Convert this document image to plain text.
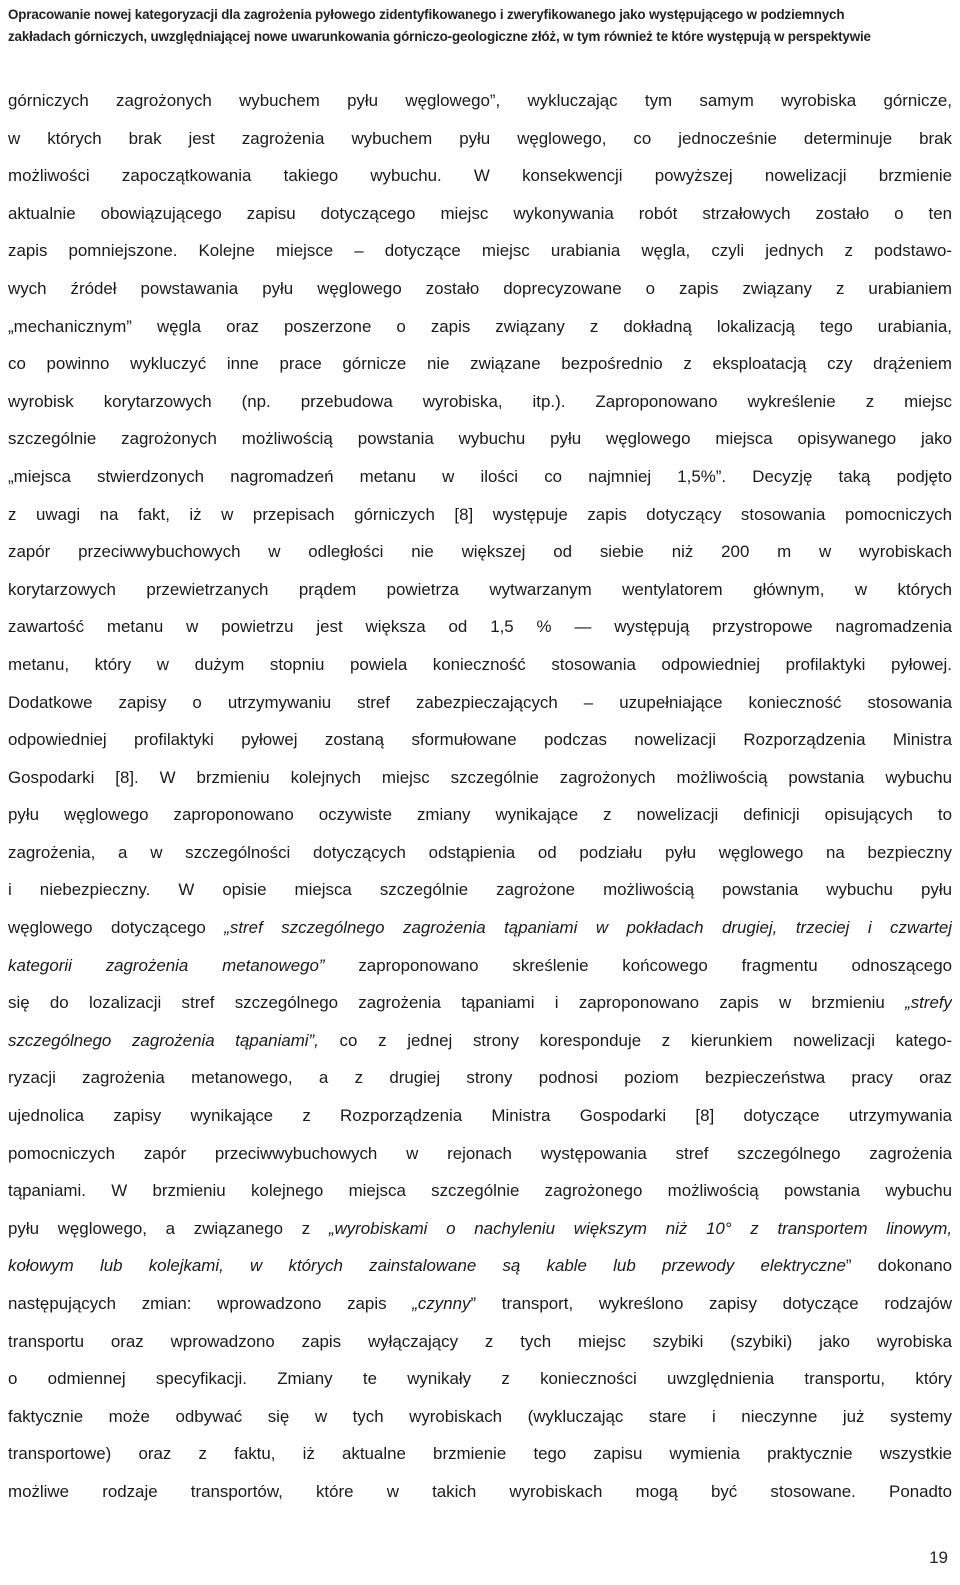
Opracowanie nowej kategoryzacji dla zagrożenia pyłowego zidentyfikowanego i zweryfikowanego jako występującego w podziemnych
zakładach górniczych, uwzględniającej nowe uwarunkowania górniczo-geologiczne złóż, w tym również te które występują w perspektywie
górniczych zagrożonych wybuchem pyłu węglowego”, wykluczając tym samym wyrobiska górnicze,
w których brak jest zagrożenia wybuchem pyłu węglowego, co jednocześnie determinuje brak
możliwości zapoczątkowania takiego wybuchu. W konsekwencji powyższej nowelizacji brzmienie
aktualnie obowiązującego zapisu dotyczącego miejsc wykonywania robót strzałowych zostało o ten
zapis pomniejszone. Kolejne miejsce – dotyczące miejsc urabiania węgla, czyli jednych z podstawo-
wych źródeł powstawania pyłu węglowego zostało doprecyzowane o zapis związany z urabianiem
„mechanicznym” węgla oraz poszerzone o zapis związany z dokładną lokalizacją tego urabiania,
co powinno wykluczyć inne prace górnicze nie związane bezpośrednio z eksploatacją czy drążeniem
wyrobisk korytarzowych (np. przebudowa wyrobiska, itp.). Zaproponowano wykreślenie z miejsc
szczególnie zagrożonych możliwością powstania wybuchu pyłu węglowego miejsca opisywanego jako
„miejsca stwierdzonych nagromadzeń metanu w ilości co najmniej 1,5%”. Decyzję taką podjęto
z uwagi na fakt, iż w przepisach górniczych [8] występuje zapis dotyczący stosowania pomocniczych
zapór przeciwwybuchowych w odległości nie większej od siebie niż 200 m w wyrobiskach
korytarzowych przewietrzanych prądem powietrza wytwarzanym wentylatorem głównym, w których
zawartość metanu w powietrzu jest większa od 1,5 % — występują przystropowe nagromadzenia
metanu, który w dużym stopniu powiela konieczność stosowania odpowiedniej profilaktyki pyłowej.
Dodatkowe zapisy o utrzymywaniu stref zabezpieczających – uzupełniające konieczność stosowania
odpowiedniej profilaktyki pyłowej zostaną sformułowane podczas nowelizacji Rozporządzenia Ministra
Gospodarki [8]. W brzmieniu kolejnych miejsc szczególnie zagrożonych możliwością powstania wybuchu
pyłu węglowego zaproponowano oczywiste zmiany wynikające z nowelizacji definicji opisujących to
zagrożenia, a w szczególności dotyczących odstąpienia od podziału pyłu węglowego na bezpieczny
i niebezpieczny. W opisie miejsca szczególnie zagrożone możliwością powstania wybuchu pyłu
węglowego dotyczącego „stref szczególnego zagrożenia tąpaniami w pokładach drugiej, trzeciej i czwartej
kategorii zagrożenia metanowego” zaproponowano skreślenie końcowego fragmentu odnoszącego
się do lozalizacji stref szczególnego zagrożenia tąpaniami i zaproponowano zapis w brzmieniu „strefy
szczególnego zagrożenia tąpaniami”, co z jednej strony koresponduje z kierunkiem nowelizacji katego-
ryzacji zagrożenia metanowego, a z drugiej strony podnosi poziom bezpieczeństwa pracy oraz
ujednolica zapisy wynikające z Rozporządzenia Ministra Gospodarki [8] dotyczące utrzymywania
pomocniczych zapór przeciwwybuchowych w rejonach występowania stref szczególnego zagrożenia
tąpaniami. W brzmieniu kolejnego miejsca szczególnie zagrożonego możliwością powstania wybuchu
pyłu węglowego, a związanego z „wyrobiskami o nachyleniu większym niż 10° z transportem linowym,
kołowym lub kolejkami, w których zainstalowane są kable lub przewody elektryczne” dokonano
następujących zmian: wprowadzono zapis „czynny” transport, wykreślono zapisy dotyczące rodzajów
transportu oraz wprowadzono zapis wyłączający z tych miejsc szybiki (szybiki) jako wyrobiska
o odmiennej specyfikacji. Zmiany te wynikały z konieczności uwzględnienia transportu, który
faktycznie może odbywać się w tych wyrobiskach (wykluczając stare i nieczynne już systemy
transportowe) oraz z faktu, iż aktualne brzmienie tego zapisu wymienia praktycznie wszystkie
możliwe rodzaje transportów, które w takich wyrobiskach mogą być stosowane. Ponadto
19
